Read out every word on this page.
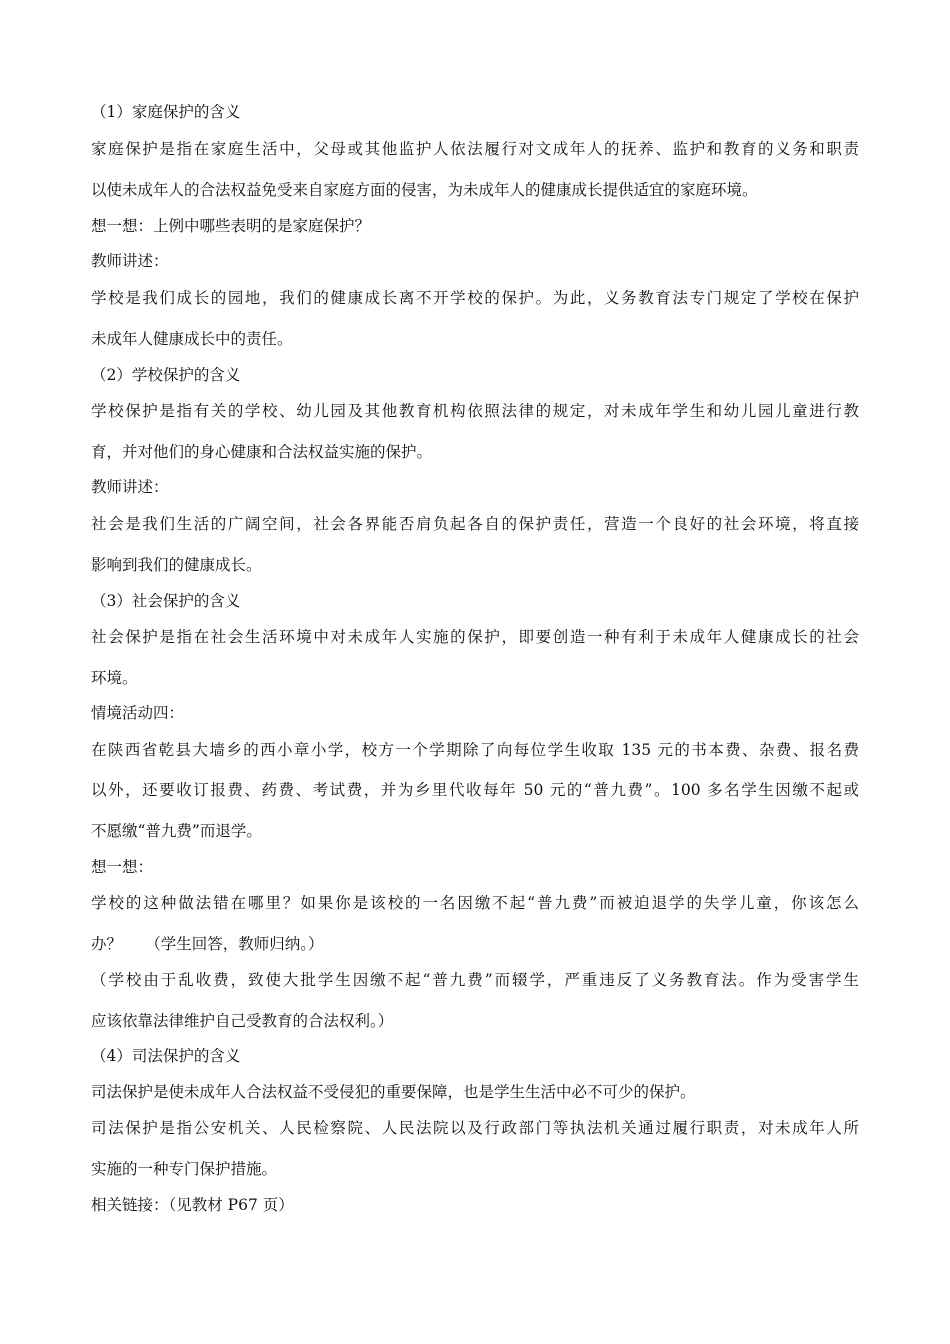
（1）家庭保护的含义
家庭保护是指在家庭生活中，父母或其他监护人依法履行对文成年人的抚养、监护和教育的义务和职责
以使未成年人的合法权益免受来自家庭方面的侵害，为未成年人的健康成长提供适宜的家庭环境。
想一想：上例中哪些表明的是家庭保护？
教师讲述：
学校是我们成长的园地，我们的健康成长离不开学校的保护。为此，义务教育法专门规定了学校在保护
未成年人健康成长中的责任。
（2）学校保护的含义
学校保护是指有关的学校、幼儿园及其他教育机构依照法律的规定，对未成年学生和幼儿园儿童进行教
育，并对他们的身心健康和合法权益实施的保护。
教师讲述：
社会是我们生活的广阔空间，社会各界能否肩负起各自的保护责任，营造一个良好的社会环境，将直接
影响到我们的健康成长。
（3）社会保护的含义
社会保护是指在社会生活环境中对未成年人实施的保护，即要创造一种有利于未成年人健康成长的社会
环境。
情境活动四：
在陕西省乾县大墙乡的西小章小学，校方一个学期除了向每位学生收取 135 元的书本费、杂费、报名费
以外，还要收订报费、药费、考试费，并为乡里代收每年 50 元的“普九费”。100 多名学生因缴不起或
不愿缴“普九费”而退学。
想一想：
学校的这种做法错在哪里？如果你是该校的一名因缴不起“普九费”而被迫退学的失学儿童，你该怎么
办？　　（学生回答，教师归纳。）
（学校由于乱收费，致使大批学生因缴不起“普九费”而辍学，严重违反了义务教育法。作为受害学生
应该依靠法律维护自己受教育的合法权利。）
（4）司法保护的含义
司法保护是使未成年人合法权益不受侵犯的重要保障，也是学生生活中必不可少的保护。
司法保护是指公安机关、人民检察院、人民法院以及行政部门等执法机关通过履行职责，对未成年人所
实施的一种专门保护措施。
相关链接：（见教材 P67 页）
